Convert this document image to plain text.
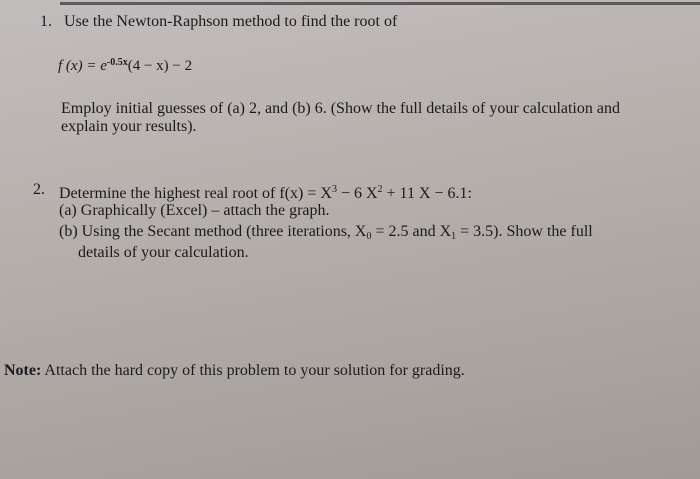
1. Use the Newton-Raphson method to find the root of
f $(x) = e^{-0.5x}(4 - x) - 2$
Employ initial guesses of (a) 2, and (b) 6. (Show the full details of your calculation and
explain your results).
2. Determine the highest real root of $f(x) = X^3 - 6$ $X^2 + 11$ X − 6.1:
(a) Graphically (Excel) – attach the graph.
(b) Using the Secant method (three iterations, $X_0 = 2.5$ and $X_1 = 3.5$). Show the full
details of your calculation.
Note: Attach the hard copy of this problem to your solution for grading.
